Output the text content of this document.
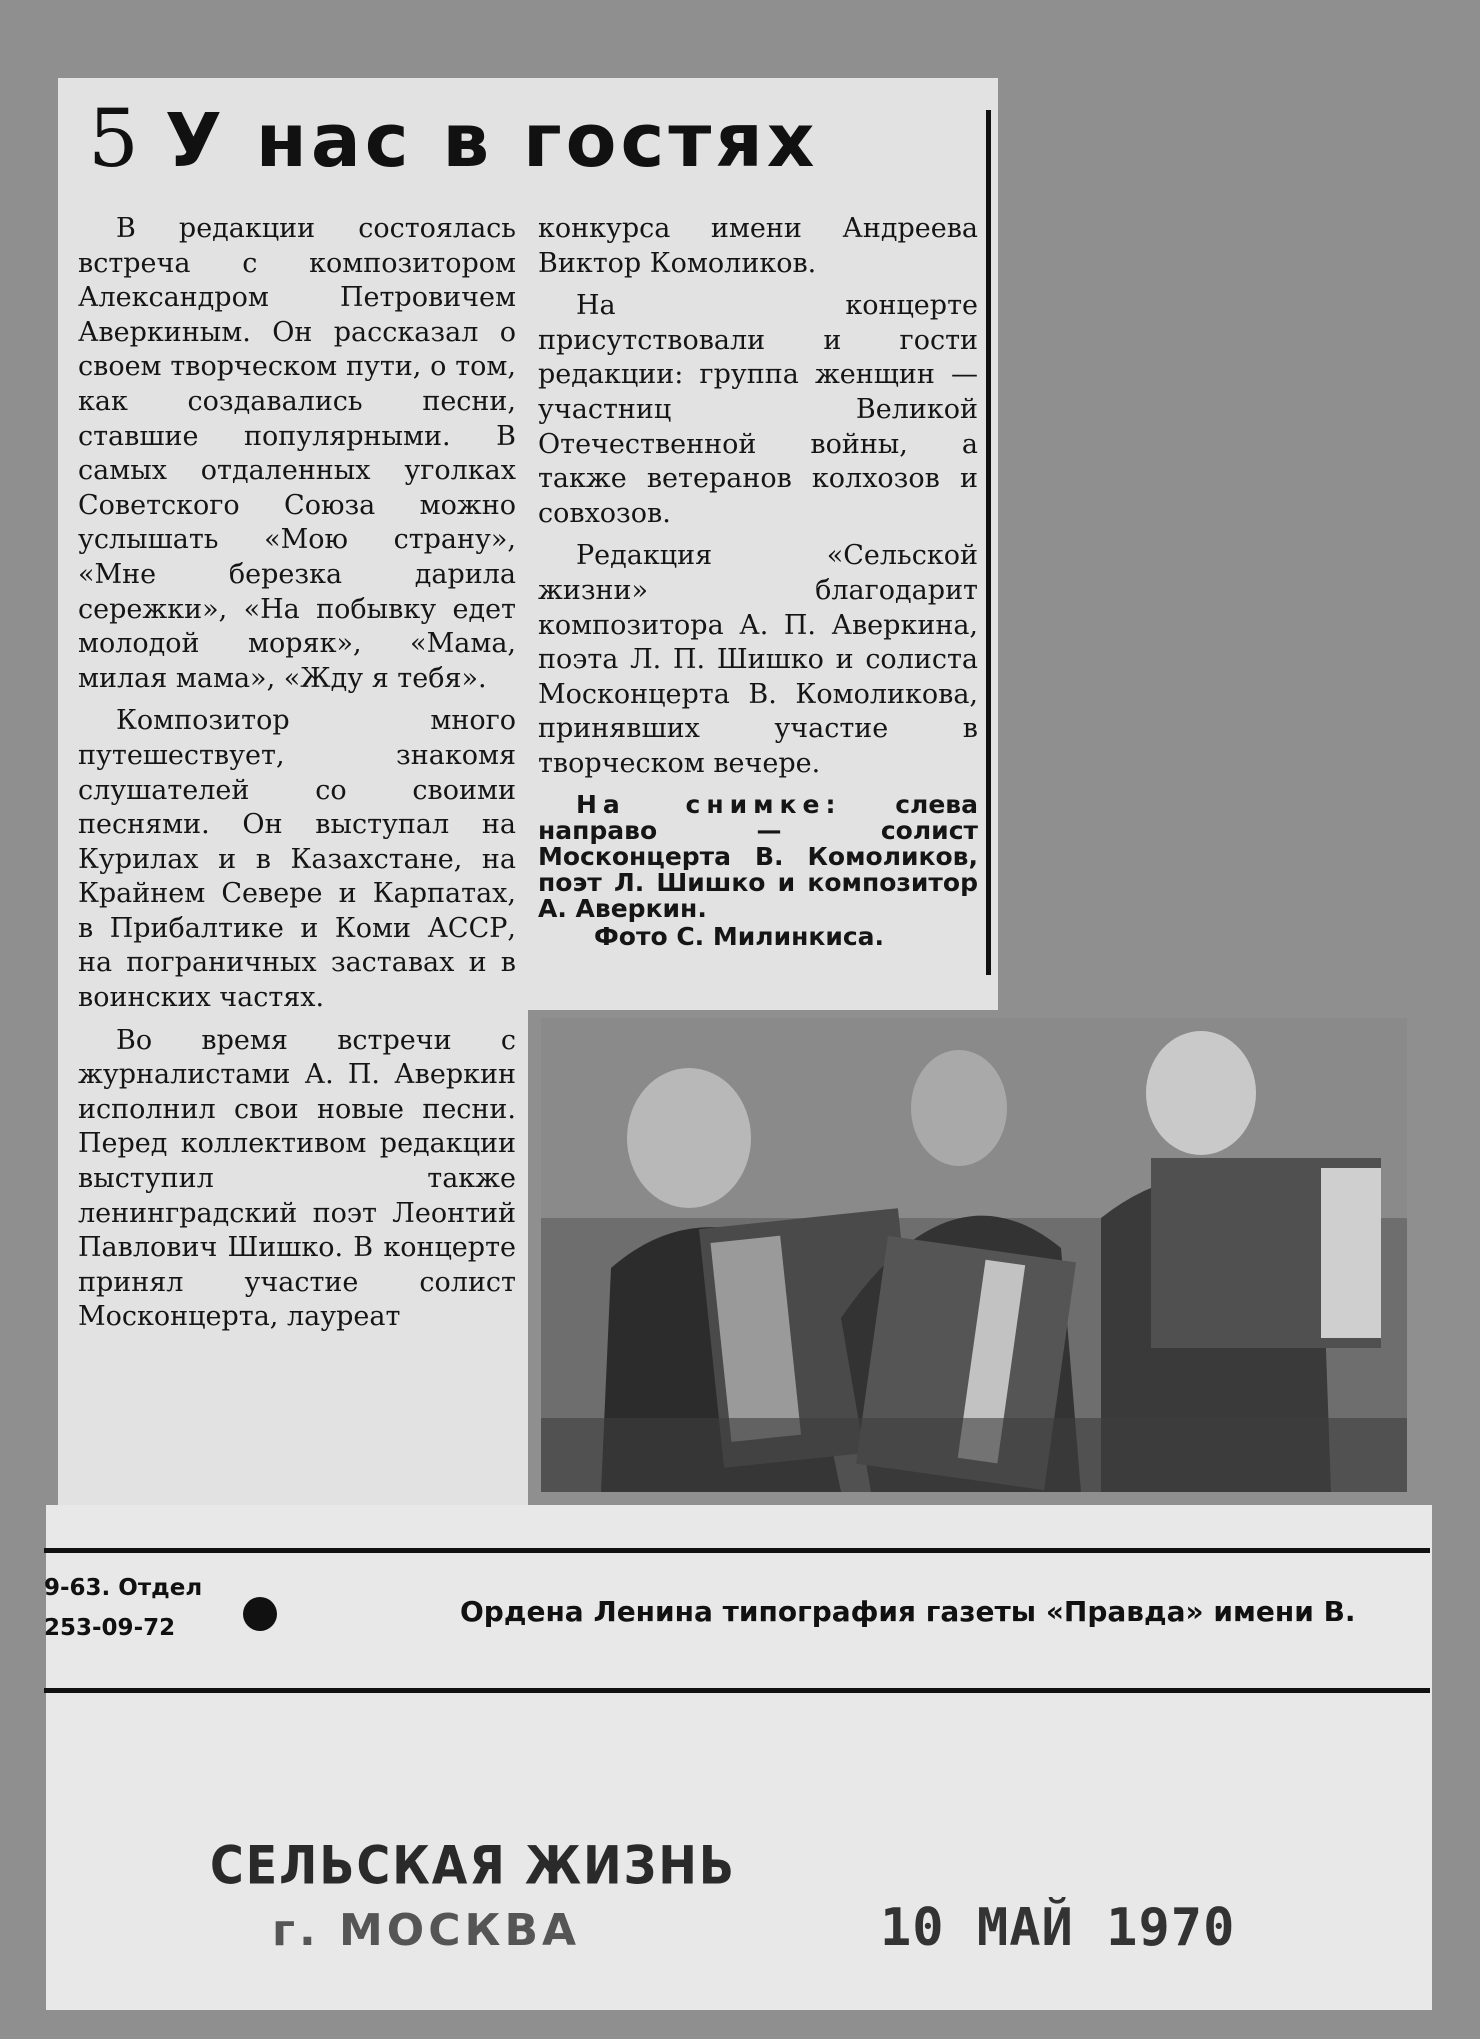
5 У нас в гостях

В редакции состоялась встреча с композитором Александром Петровичем Аверкиным. Он рассказал о своем творческом пути, о том, как создавались песни, ставшие популярными. В самых отдаленных уголках Советского Союза можно услышать «Мою страну», «Мне березка дарила сережки», «На побывку едет молодой моряк», «Мама, милая мама», «Жду я тебя».

Композитор много путешествует, знакомя слушателей со своими песнями. Он выступал на Курилах и в Казахстане, на Крайнем Севере и Карпатах, в Прибалтике и Коми АССР, на пограничных заставах и в воинских частях.

Во время встречи с журналистами А. П. Аверкин исполнил свои новые песни. Перед коллективом редакции выступил также ленинградский поэт Леонтий Павлович Шишко. В концерте принял участие солист Москонцерта, лауреат

конкурса имени Андреева Виктор Комоликов.

На концерте присутствовали и гости редакции: группа женщин — участниц Великой Отечественной войны, а также ветеранов колхозов и совхозов.

Редакция «Сельской жизни» благодарит композитора А. П. Аверкина, поэта Л. П. Шишко и солиста Москонцерта В. Комоликова, принявших участие в творческом вечере.

На снимке: слева направо — солист Москонцерта В. Комоликов, поэт Л. Шишко и композитор А. Аверкин.
Фото С. Милинкиса.
9-63. Отдел
253-09-72	Ордена Ленина типография газеты «Правда» имени В.
СЕЛЬСКАЯ ЖИЗНЬ
г. МОСКВА	10 МАЙ 1970
